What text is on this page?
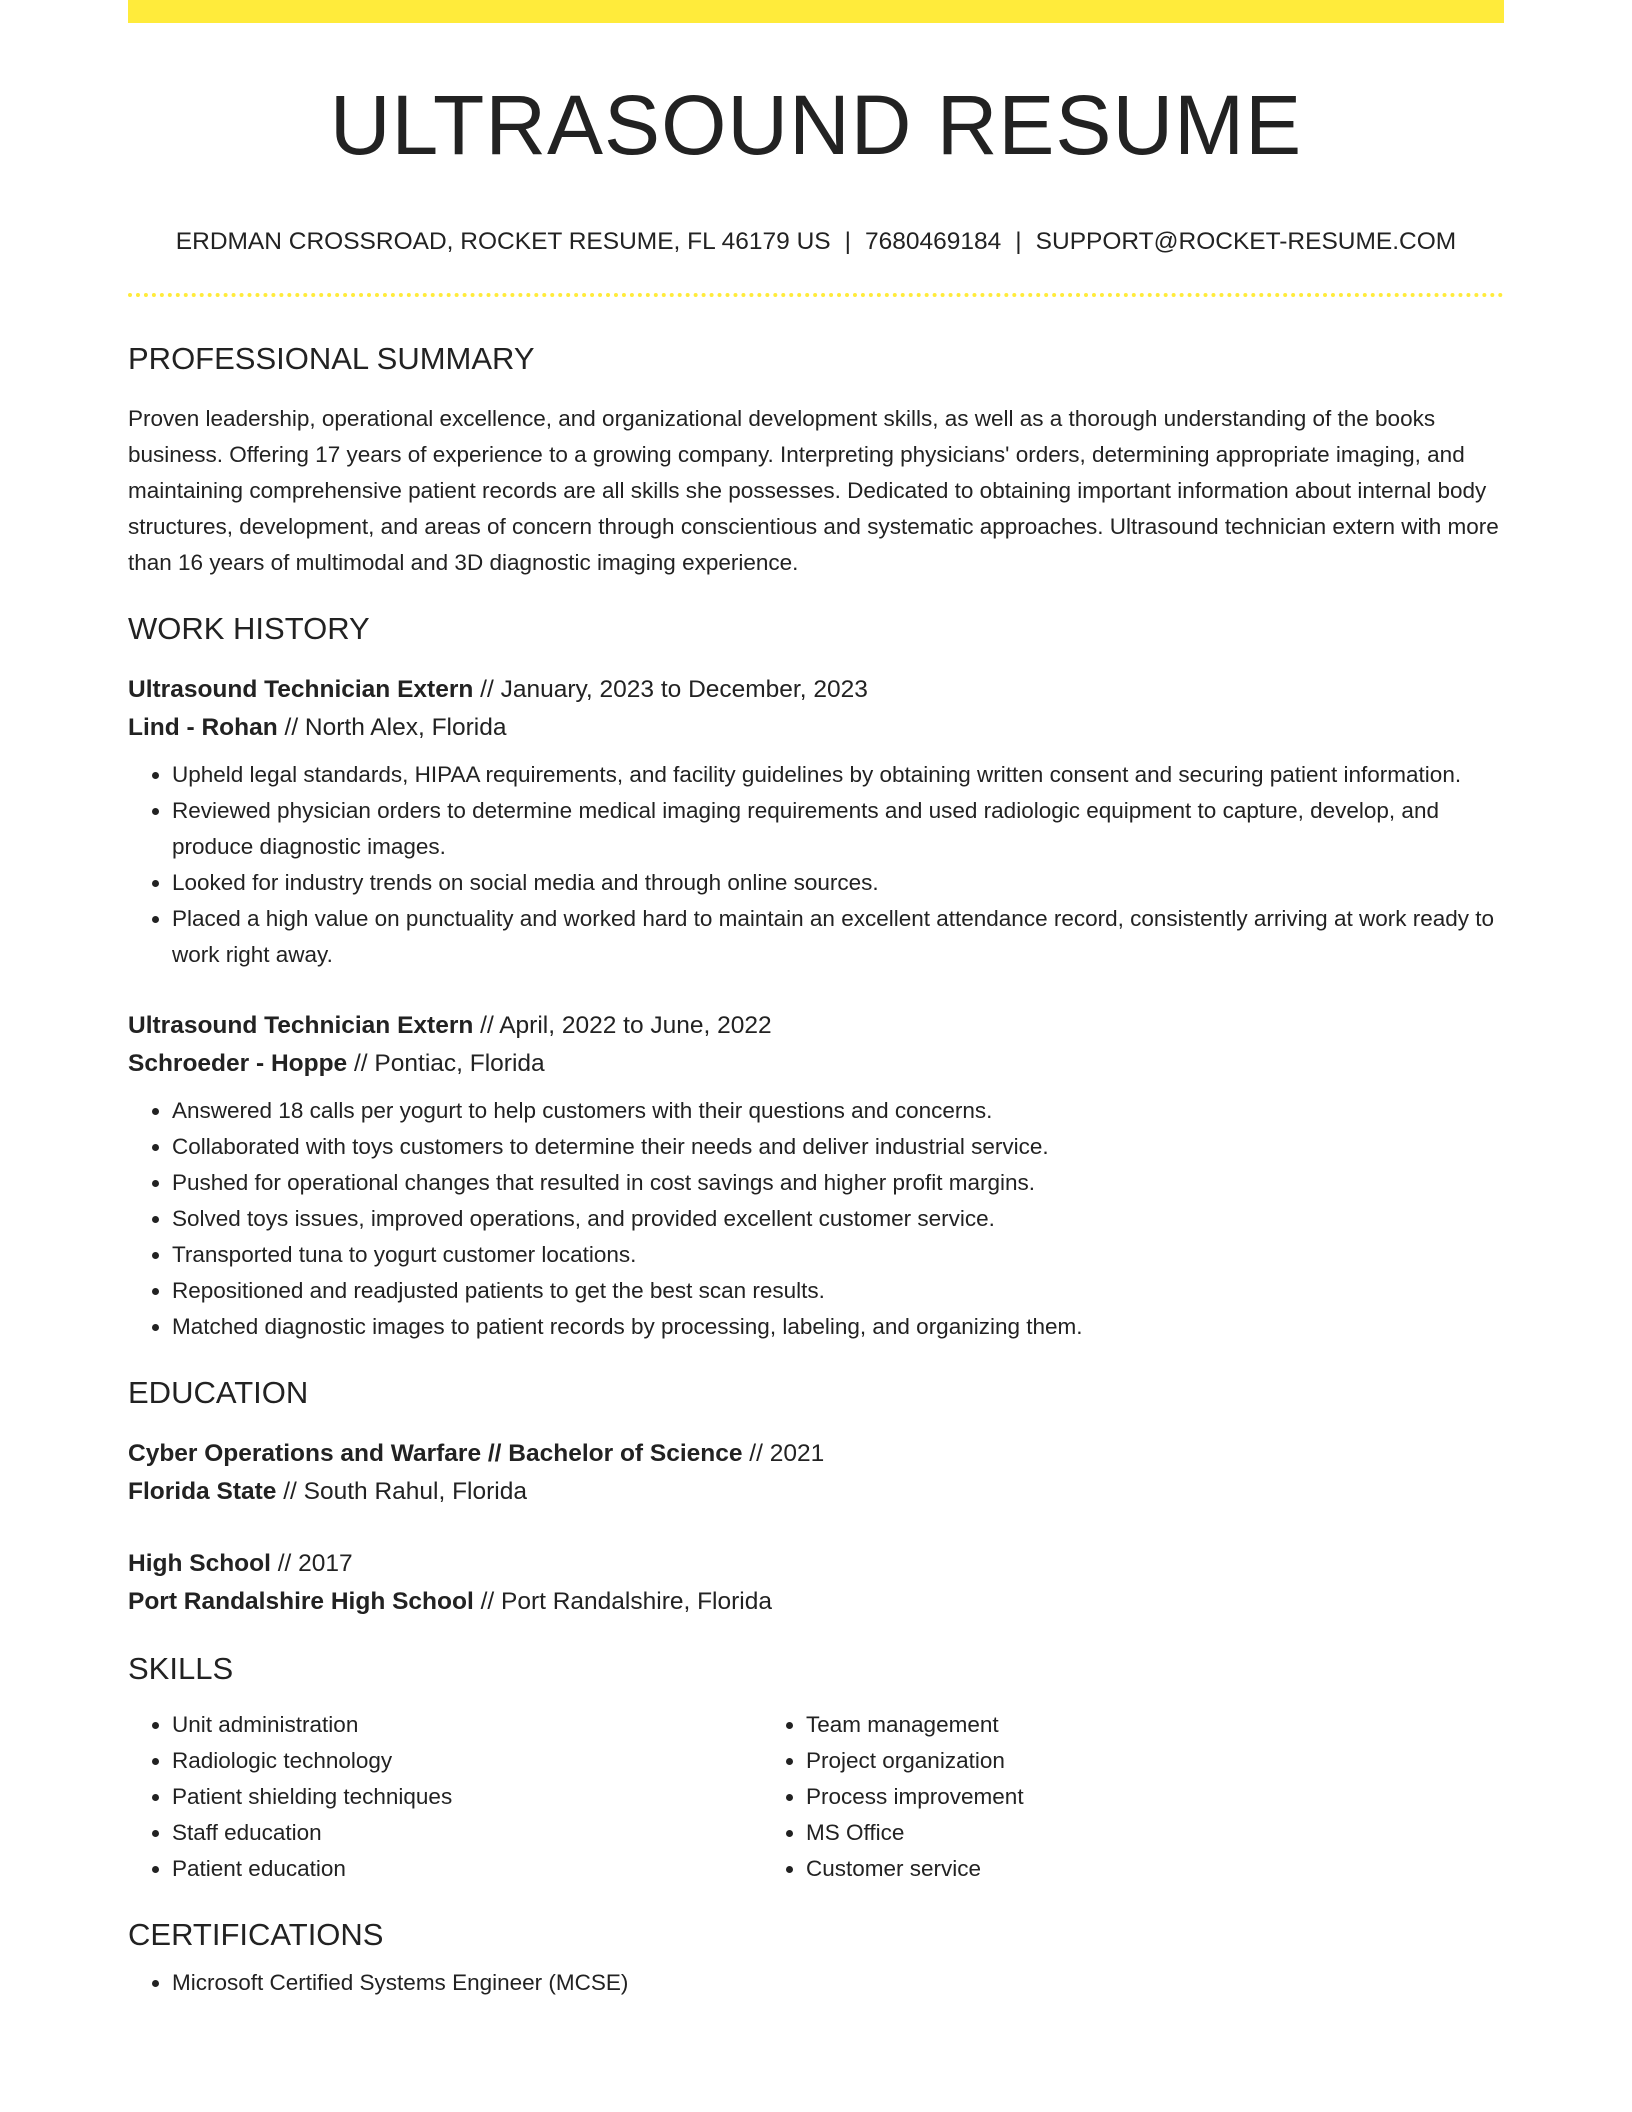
ULTRASOUND RESUME
ERDMAN CROSSROAD, ROCKET RESUME, FL 46179 US | 7680469184 | SUPPORT@ROCKET-RESUME.COM
PROFESSIONAL SUMMARY
Proven leadership, operational excellence, and organizational development skills, as well as a thorough understanding of the books business. Offering 17 years of experience to a growing company. Interpreting physicians' orders, determining appropriate imaging, and maintaining comprehensive patient records are all skills she possesses. Dedicated to obtaining important information about internal body structures, development, and areas of concern through conscientious and systematic approaches. Ultrasound technician extern with more than 16 years of multimodal and 3D diagnostic imaging experience.
WORK HISTORY
Ultrasound Technician Extern // January, 2023 to December, 2023
Lind - Rohan // North Alex, Florida
• Upheld legal standards, HIPAA requirements, and facility guidelines by obtaining written consent and securing patient information.
• Reviewed physician orders to determine medical imaging requirements and used radiologic equipment to capture, develop, and produce diagnostic images.
• Looked for industry trends on social media and through online sources.
• Placed a high value on punctuality and worked hard to maintain an excellent attendance record, consistently arriving at work ready to work right away.
Ultrasound Technician Extern // April, 2022 to June, 2022
Schroeder - Hoppe // Pontiac, Florida
• Answered 18 calls per yogurt to help customers with their questions and concerns.
• Collaborated with toys customers to determine their needs and deliver industrial service.
• Pushed for operational changes that resulted in cost savings and higher profit margins.
• Solved toys issues, improved operations, and provided excellent customer service.
• Transported tuna to yogurt customer locations.
• Repositioned and readjusted patients to get the best scan results.
• Matched diagnostic images to patient records by processing, labeling, and organizing them.
EDUCATION
Cyber Operations and Warfare // Bachelor of Science // 2021
Florida State // South Rahul, Florida
High School // 2017
Port Randalshire High School // Port Randalshire, Florida
SKILLS
• Unit administration
• Radiologic technology
• Patient shielding techniques
• Staff education
• Patient education
• Team management
• Project organization
• Process improvement
• MS Office
• Customer service
CERTIFICATIONS
• Microsoft Certified Systems Engineer (MCSE)
